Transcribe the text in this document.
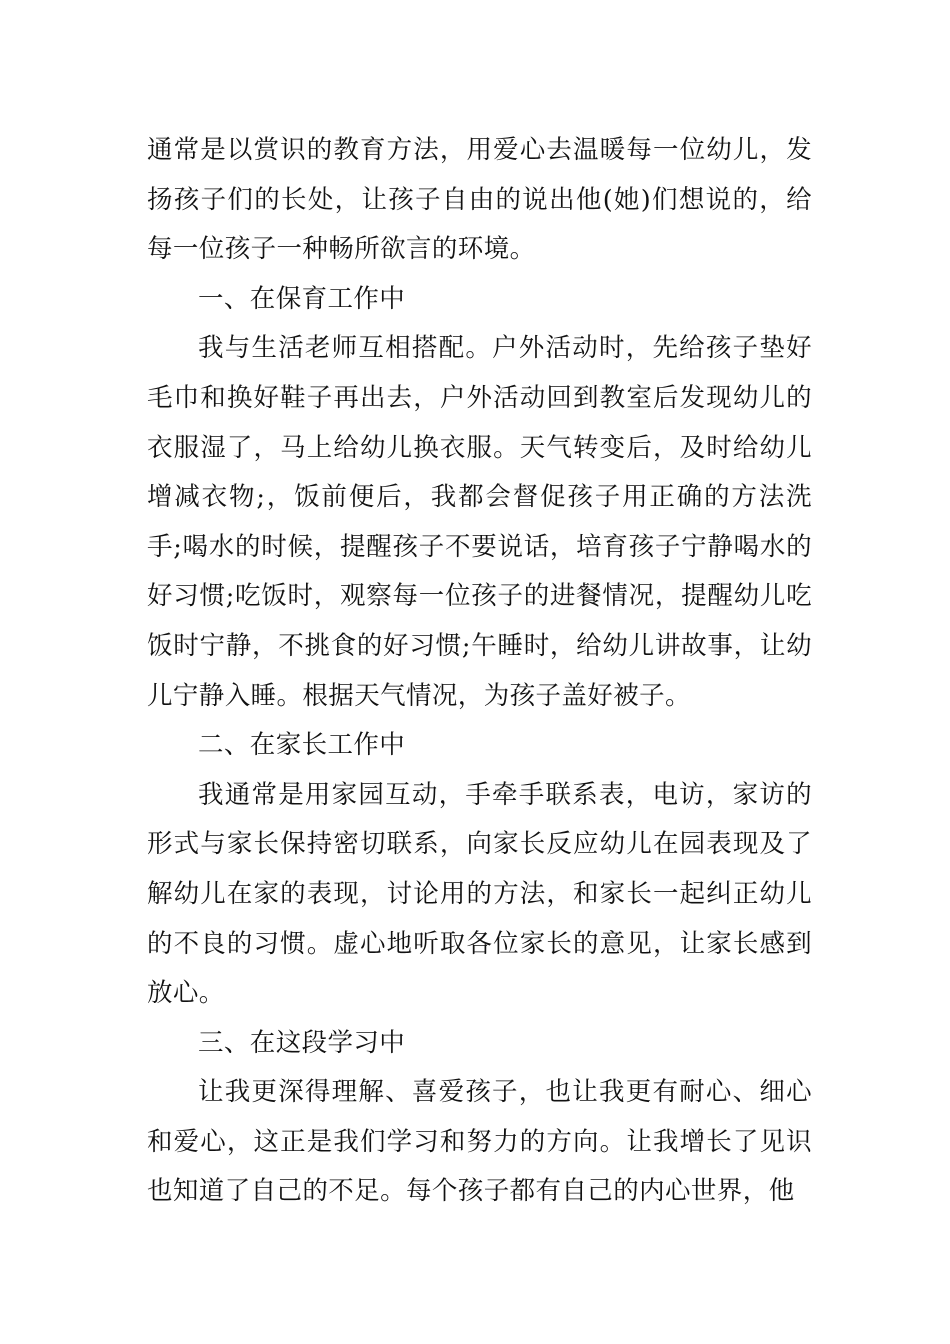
通常是以赏识的教育方法，用爱心去温暖每一位幼儿，发扬孩子们的长处，让孩子自由的说出他(她)们想说的，给每一位孩子一种畅所欲言的环境。

一、在保育工作中

我与生活老师互相搭配。户外活动时，先给孩子垫好毛巾和换好鞋子再出去，户外活动回到教室后发现幼儿的衣服湿了，马上给幼儿换衣服。天气转变后，及时给幼儿增减衣物;，饭前便后，我都会督促孩子用正确的方法洗手;喝水的时候，提醒孩子不要说话，培育孩子宁静喝水的好习惯;吃饭时，观察每一位孩子的进餐情况，提醒幼儿吃饭时宁静，不挑食的好习惯;午睡时，给幼儿讲故事，让幼儿宁静入睡。根据天气情况，为孩子盖好被子。

二、在家长工作中

我通常是用家园互动，手牵手联系表，电访，家访的形式与家长保持密切联系，向家长反应幼儿在园表现及了解幼儿在家的表现，讨论用的方法，和家长一起纠正幼儿的不良的习惯。虚心地听取各位家长的意见，让家长感到放心。

三、在这段学习中

让我更深得理解、喜爱孩子，也让我更有耐心、细心和爱心，这正是我们学习和努力的方向。让我增长了见识也知道了自己的不足。每个孩子都有自己的内心世界，他
